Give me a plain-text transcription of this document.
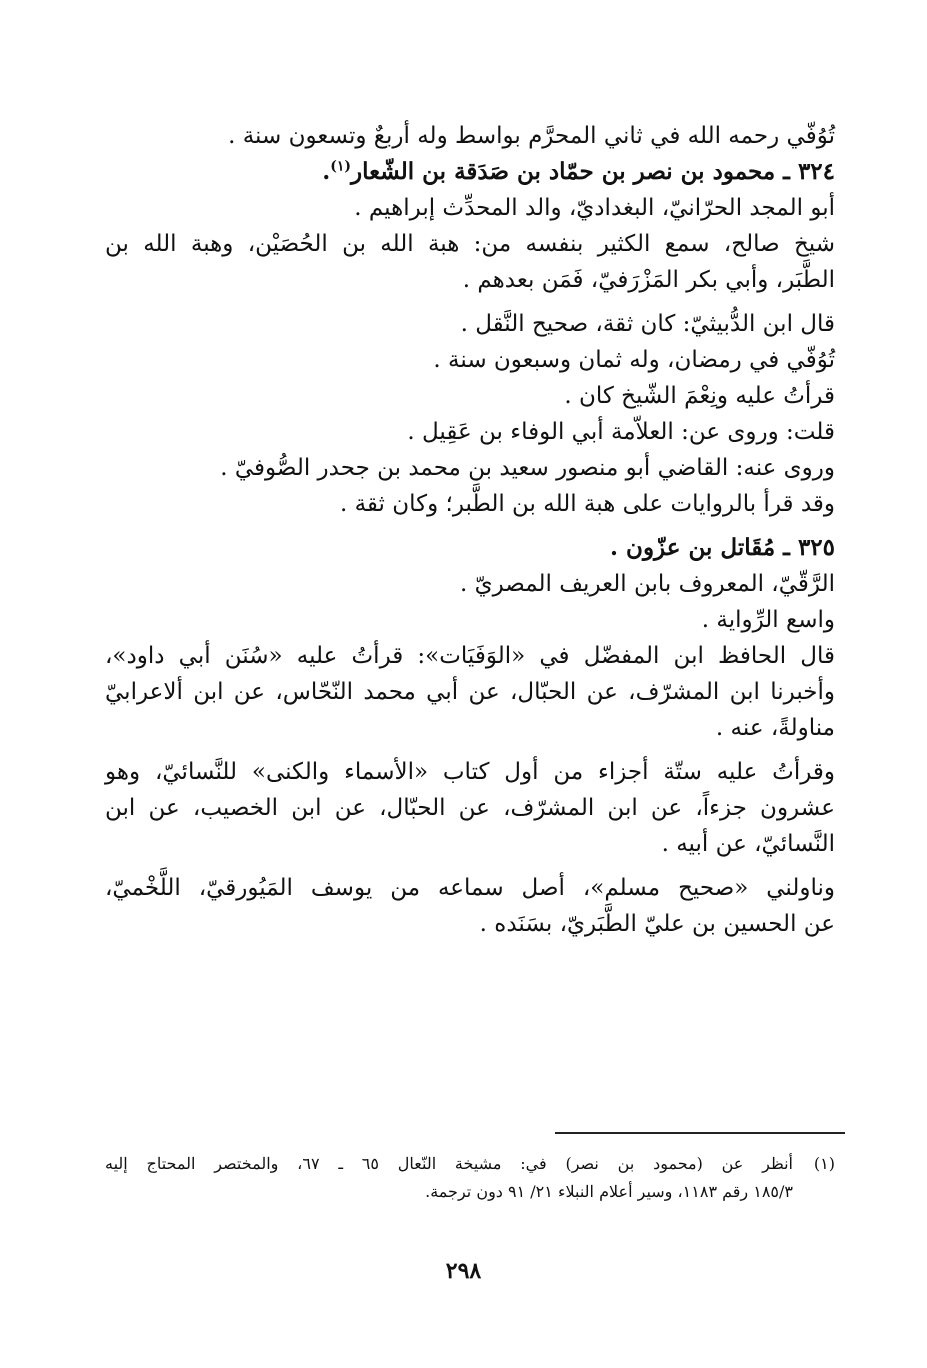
تُوُفّي رحمه الله في ثاني المحرَّم بواسط وله أربعٌ وتسعون سنة .
٣٢٤ ـ محمود بن نصر بن حمّاد بن صَدَقة بن الشّعار$^{(١)}$.
أبو المجد الحرّانيّ، البغداديّ، والد المحدِّث إبراهيم .
شيخ صالح، سمع الكثير بنفسه من: هبة الله بن الحُصَيْن، وهبة الله بن
الطَّبَر، وأبي بكر المَزْرَفيّ، فَمَن بعدهم .
قال ابن الدُّبيثيّ: كان ثقة، صحيح النَّقل .
تُوُفّي في رمضان، وله ثمان وسبعون سنة .
قرأتُ عليه ونِعْمَ الشّيخ كان .
قلت: وروى عن: العلاّمة أبي الوفاء بن عَقِيل .
وروى عنه: القاضي أبو منصور سعيد بن محمد بن جحدر الصُّوفيّ .
وقد قرأ بالروايات على هبة الله بن الطَّبر؛ وكان ثقة .
٣٢٥ ـ مُقَاتل بن عزّون .
الرَّقّيّ، المعروف بابن العريف المصريّ .
واسع الرِّواية .
قال الحافظ ابن المفضّل في «الوَفَيَات»: قرأتُ عليه «سُنَن أبي داود»،
وأخبرنا ابن المشرّف، عن الحبّال، عن أبي محمد النّحّاس، عن ابن ألاعرابيّ
مناولةً، عنه .
وقرأتُ عليه ستّة أجزاء من أول كتاب «الأسماء والكنى» للنَّسائيّ، وهو
عشرون جزءاً، عن ابن المشرّف، عن الحبّال، عن ابن الخصيب، عن ابن
النَّسائيّ، عن أبيه .
وناولني «صحيح مسلم»، أصل سماعه من يوسف المَيُورقيّ، اللَّخْميّ،
عن الحسين بن عليّ الطَّبَريّ، بسَنَده .
(١)
أنظر عن (محمود بن نصر) في: مشيخة النّعال ٦٥ ـ ٦٧، والمختصر المحتاج إليه
١٨٥/٣ رقم ١١٨٣، وسير أعلام النبلاء ٢١/ ٩١ دون ترجمة.
٢٩٨
